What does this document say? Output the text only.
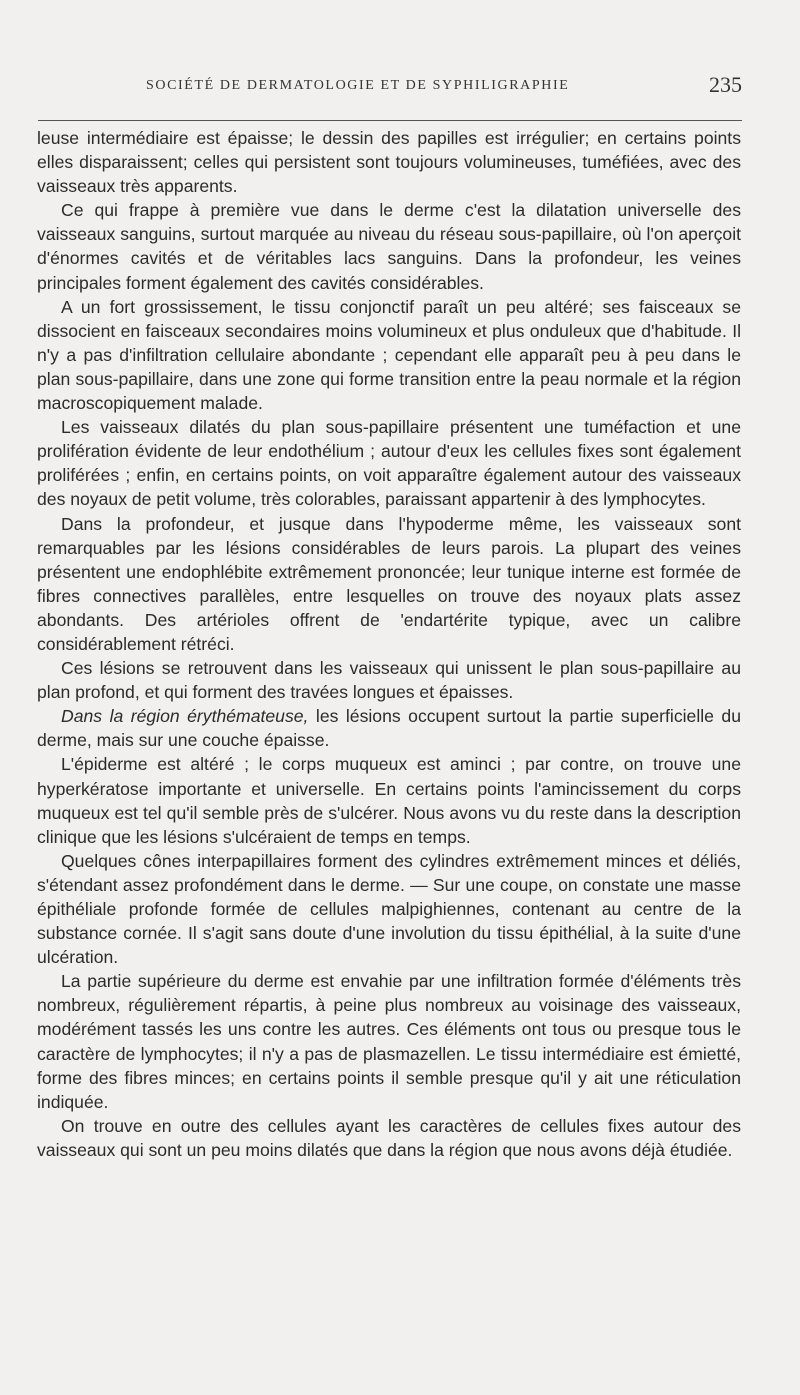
SOCIÉTÉ DE DERMATOLOGIE ET DE SYPHILIGRAPHIE	235

leuse intermédiaire est épaisse; le dessin des papilles est irrégulier; en certains points elles disparaissent; celles qui persistent sont toujours volumineuses, tuméfiées, avec des vaisseaux très apparents.

Ce qui frappe à première vue dans le derme c'est la dilatation universelle des vaisseaux sanguins, surtout marquée au niveau du réseau sous-papillaire, où l'on aperçoit d'énormes cavités et de véritables lacs sanguins. Dans la profondeur, les veines principales forment également des cavités considérables.

A un fort grossissement, le tissu conjonctif paraît un peu altéré; ses faisceaux se dissocient en faisceaux secondaires moins volumineux et plus onduleux que d'habitude. Il n'y a pas d'infiltration cellulaire abondante ; cependant elle apparaît peu à peu dans le plan sous-papillaire, dans une zone qui forme transition entre la peau normale et la région macroscopiquement malade.

Les vaisseaux dilatés du plan sous-papillaire présentent une tuméfaction et une prolifération évidente de leur endothélium ; autour d'eux les cellules fixes sont également proliférées ; enfin, en certains points, on voit apparaître également autour des vaisseaux des noyaux de petit volume, très colorables, paraissant appartenir à des lymphocytes.

Dans la profondeur, et jusque dans l'hypoderme même, les vaisseaux sont remarquables par les lésions considérables de leurs parois. La plupart des veines présentent une endophlébite extrêmement prononcée; leur tunique interne est formée de fibres connectives parallèles, entre lesquelles on trouve des noyaux plats assez abondants. Des artérioles offrent de 'endartérite typique, avec un calibre considérablement rétréci.

Ces lésions se retrouvent dans les vaisseaux qui unissent le plan sous-papillaire au plan profond, et qui forment des travées longues et épaisses.

Dans la région érythémateuse, les lésions occupent surtout la partie superficielle du derme, mais sur une couche épaisse.

L'épiderme est altéré ; le corps muqueux est aminci ; par contre, on trouve une hyperkératose importante et universelle. En certains points l'amincissement du corps muqueux est tel qu'il semble près de s'ulcérer. Nous avons vu du reste dans la description clinique que les lésions s'ulcéraient de temps en temps.

Quelques cônes interpapillaires forment des cylindres extrêmement minces et déliés, s'étendant assez profondément dans le derme. — Sur une coupe, on constate une masse épithéliale profonde formée de cellules malpighiennes, contenant au centre de la substance cornée. Il s'agit sans doute d'une involution du tissu épithélial, à la suite d'une ulcération.

La partie supérieure du derme est envahie par une infiltration formée d'éléments très nombreux, régulièrement répartis, à peine plus nombreux au voisinage des vaisseaux, modérément tassés les uns contre les autres. Ces éléments ont tous ou presque tous le caractère de lymphocytes; il n'y a pas de plasmazellen. Le tissu intermédiaire est émietté, forme des fibres minces; en certains points il semble presque qu'il y ait une réticulation indiquée.

On trouve en outre des cellules ayant les caractères de cellules fixes autour des vaisseaux qui sont un peu moins dilatés que dans la région que nous avons déjà étudiée.
